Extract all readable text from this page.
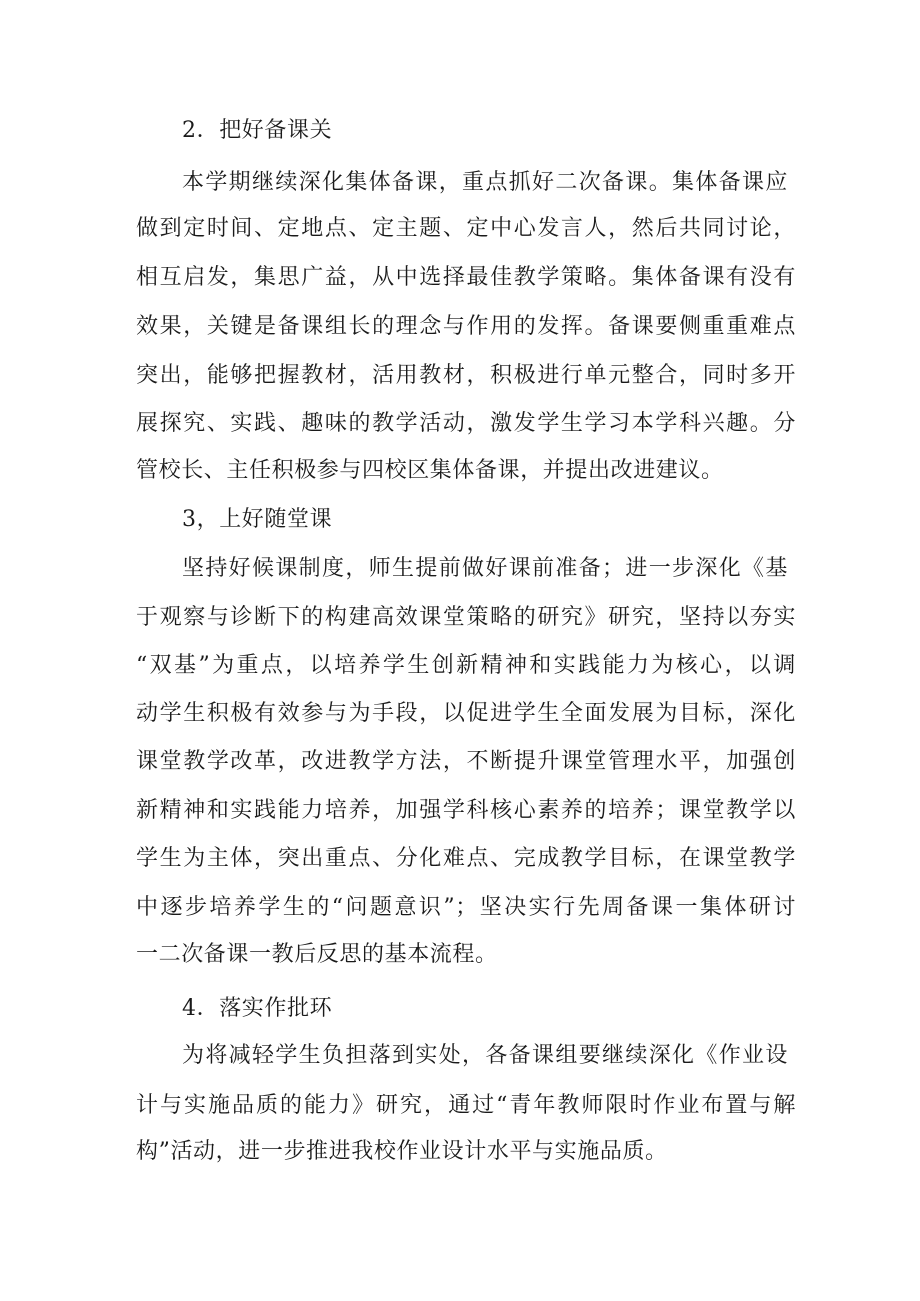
2．把好备课关
本学期继续深化集体备课，重点抓好二次备课。集体备课应
做到定时间、定地点、定主题、定中心发言人，然后共同讨论，
相互启发，集思广益，从中选择最佳教学策略。集体备课有没有
效果，关键是备课组长的理念与作用的发挥。备课要侧重重难点
突出，能够把握教材，活用教材，积极进行单元整合，同时多开
展探究、实践、趣味的教学活动，激发学生学习本学科兴趣。分
管校长、主任积极参与四校区集体备课，并提出改进建议。
3，上好随堂课
坚持好候课制度，师生提前做好课前准备；进一步深化《基
于观察与诊断下的构建高效课堂策略的研究》研究，坚持以夯实
“双基”为重点，以培养学生创新精神和实践能力为核心，以调
动学生积极有效参与为手段，以促进学生全面发展为目标，深化
课堂教学改革，改进教学方法，不断提升课堂管理水平，加强创
新精神和实践能力培养，加强学科核心素养的培养；课堂教学以
学生为主体，突出重点、分化难点、完成教学目标，在课堂教学
中逐步培养学生的“问题意识”；坚决实行先周备课一集体研讨
一二次备课一教后反思的基本流程。
4．落实作批环
为将减轻学生负担落到实处，各备课组要继续深化《作业设
计与实施品质的能力》研究，通过“青年教师限时作业布置与解
构”活动，进一步推进我校作业设计水平与实施品质。
